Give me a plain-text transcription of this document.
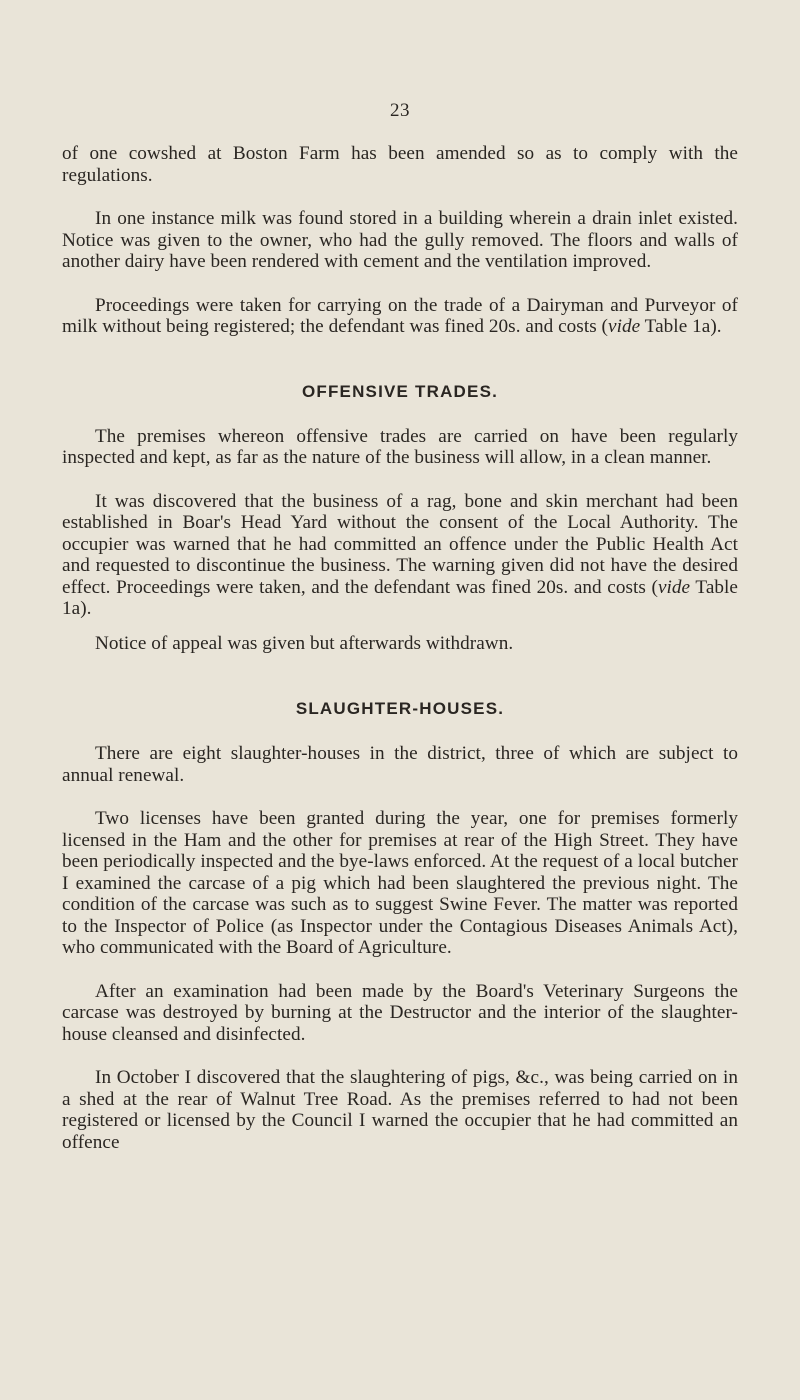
23

of one cowshed at Boston Farm has been amended so as to comply with the regulations.

In one instance milk was found stored in a building wherein a drain inlet existed. Notice was given to the owner, who had the gully removed. The floors and walls of another dairy have been rendered with cement and the ventilation improved.

Proceedings were taken for carrying on the trade of a Dairyman and Purveyor of milk without being registered; the defendant was fined 20s. and costs (vide Table 1a).

OFFENSIVE TRADES.

The premises whereon offensive trades are carried on have been regularly inspected and kept, as far as the nature of the business will allow, in a clean manner.

It was discovered that the business of a rag, bone and skin merchant had been established in Boar's Head Yard without the consent of the Local Authority. The occupier was warned that he had committed an offence under the Public Health Act and requested to discontinue the business. The warning given did not have the desired effect. Proceedings were taken, and the defendant was fined 20s. and costs (vide Table 1a).

Notice of appeal was given but afterwards withdrawn.

SLAUGHTER-HOUSES.

There are eight slaughter-houses in the district, three of which are subject to annual renewal.

Two licenses have been granted during the year, one for premises formerly licensed in the Ham and the other for premises at rear of the High Street. They have been periodically inspected and the bye-laws enforced. At the request of a local butcher I examined the carcase of a pig which had been slaughtered the previous night. The condition of the carcase was such as to suggest Swine Fever. The matter was reported to the Inspector of Police (as Inspector under the Contagious Diseases Animals Act), who communicated with the Board of Agriculture.

After an examination had been made by the Board's Veterinary Surgeons the carcase was destroyed by burning at the Destructor and the interior of the slaughter-house cleansed and disinfected.

In October I discovered that the slaughtering of pigs, &c., was being carried on in a shed at the rear of Walnut Tree Road. As the premises referred to had not been registered or licensed by the Council I warned the occupier that he had committed an offence
